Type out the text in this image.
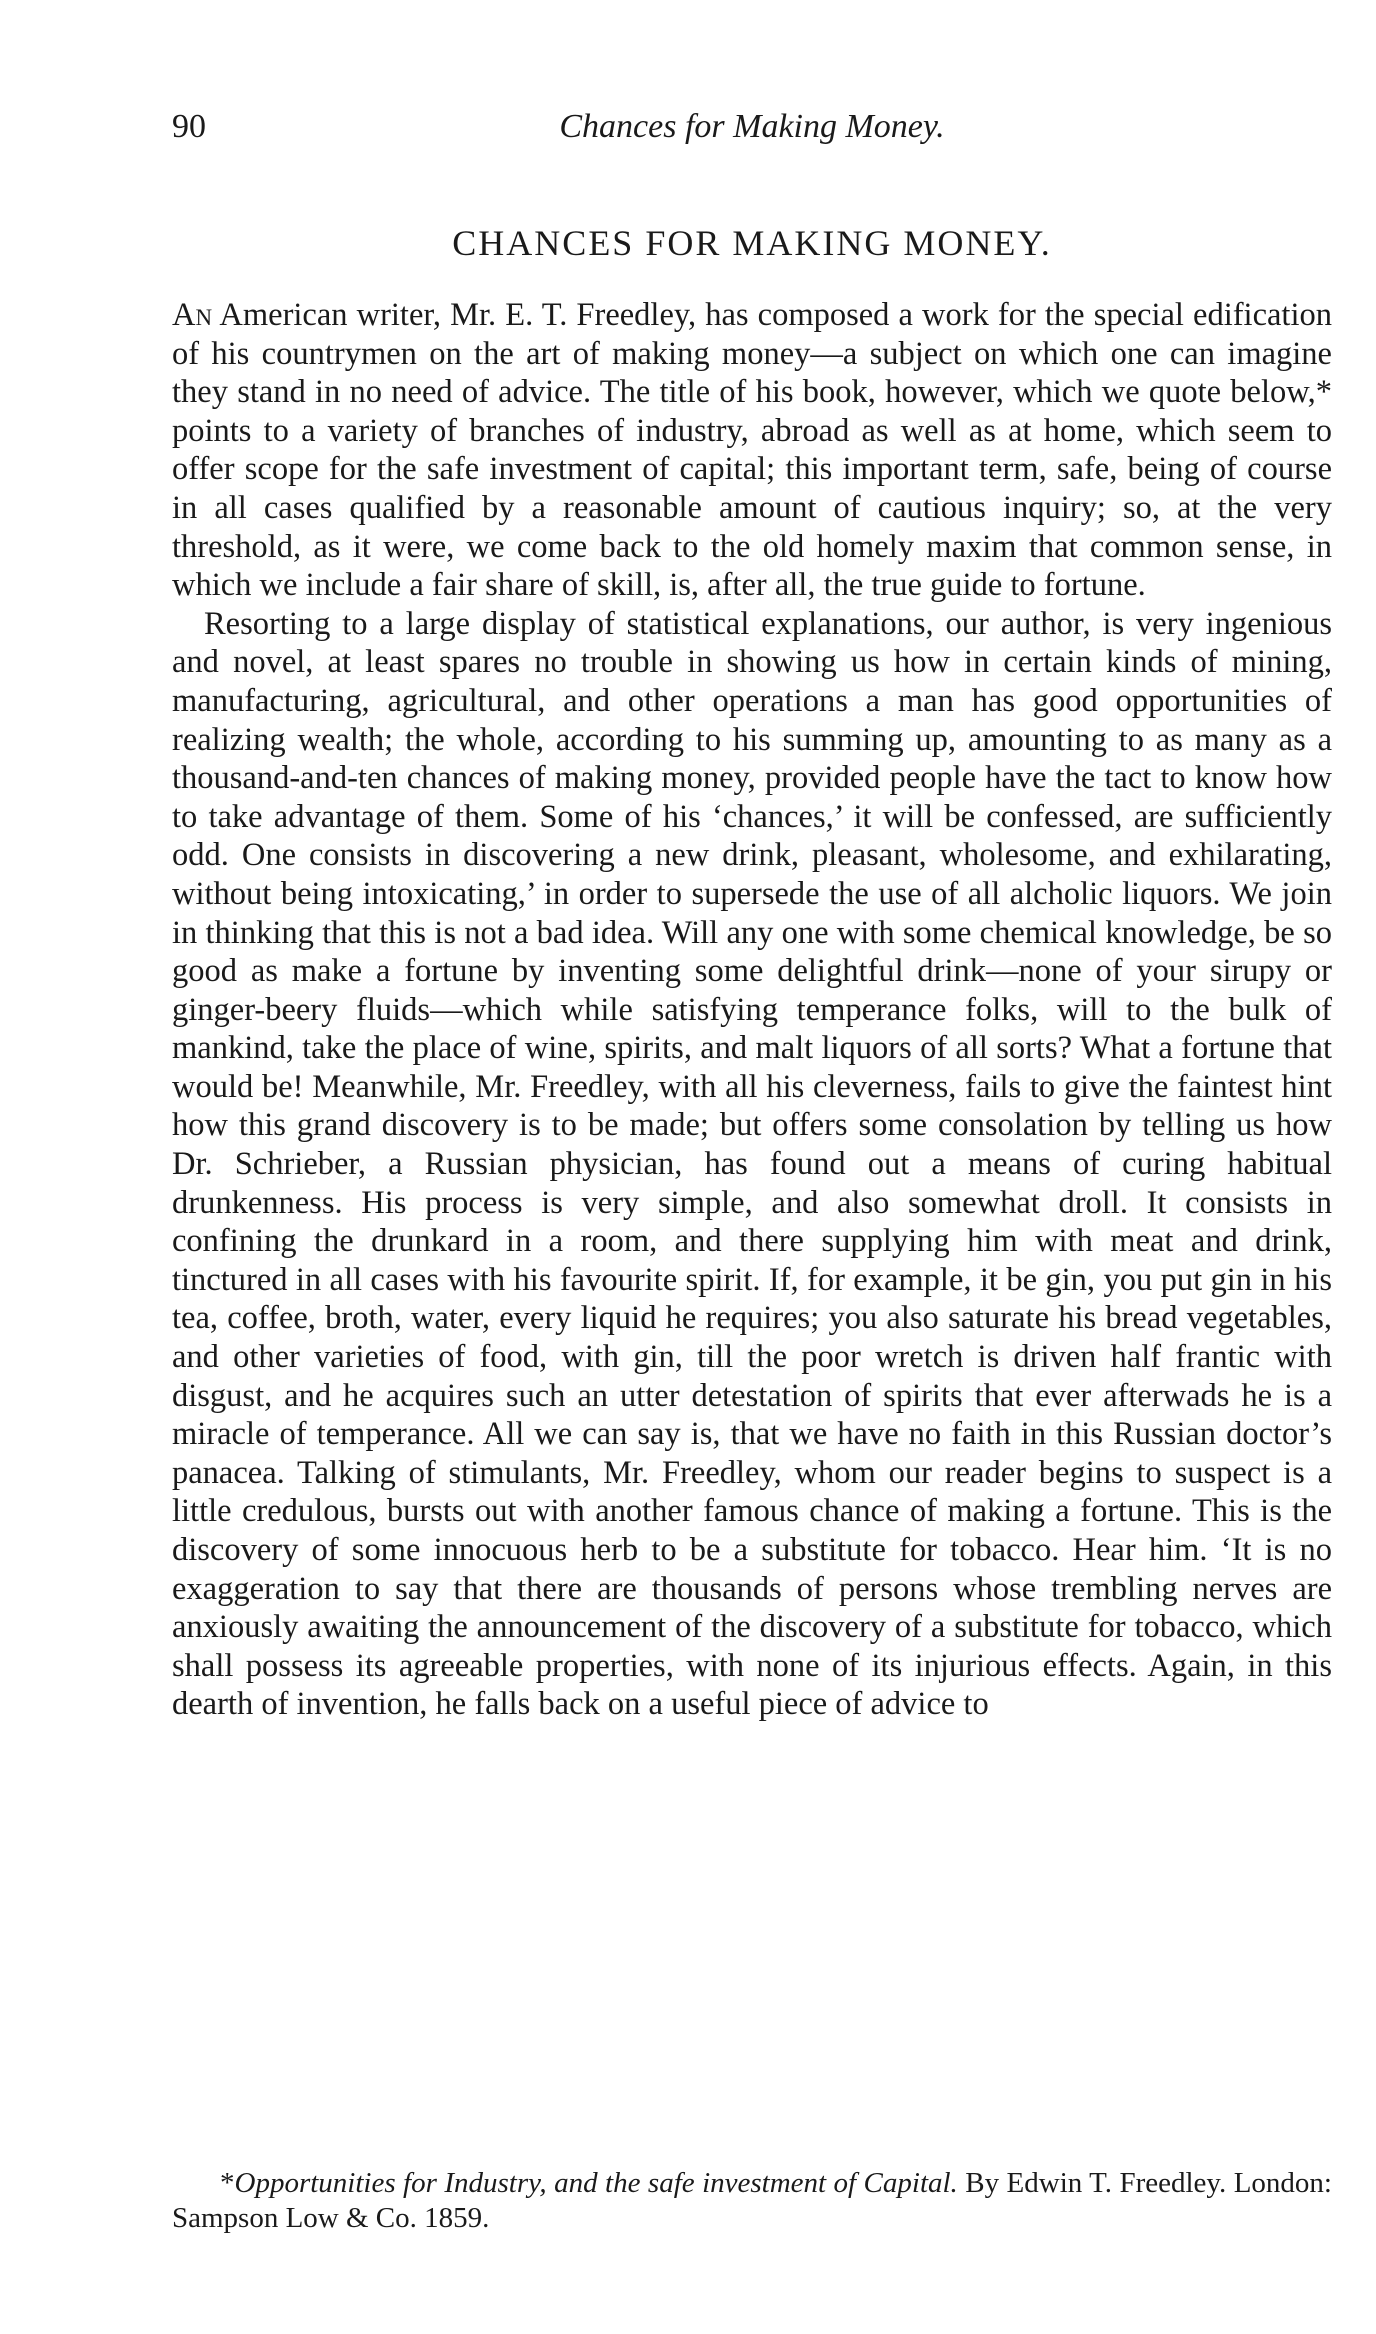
90	Chances for Making Money.
CHANCES FOR MAKING MONEY.

An American writer, Mr. E. T. Freedley, has composed a work for the special edification of his countrymen on the art of making money—a subject on which one can imagine they stand in no need of advice. The title of his book, however, which we quote below,* points to a variety of branches of industry, abroad as well as at home, which seem to offer scope for the safe investment of capital; this important term, safe, being of course in all cases qualified by a reasonable amount of cautious inquiry; so, at the very threshold, as it were, we come back to the old homely maxim that common sense, in which we include a fair share of skill, is, after all, the true guide to fortune.

Resorting to a large display of statistical explanations, our author, is very ingenious and novel, at least spares no trouble in showing us how in certain kinds of mining, manufacturing, agricultural, and other operations a man has good opportunities of realizing wealth; the whole, according to his summing up, amounting to as many as a thousand-and-ten chances of making money, provided people have the tact to know how to take advantage of them. Some of his ‘chances,’ it will be confessed, are sufficiently odd. One consists in discovering a new drink, pleasant, wholesome, and exhilarating, without being intoxicating,’ in order to supersede the use of all alcholic liquors. We join in thinking that this is not a bad idea. Will any one with some chemical knowledge, be so good as make a fortune by inventing some delightful drink—none of your sirupy or ginger-beery fluids—which while satisfying temperance folks, will to the bulk of mankind, take the place of wine, spirits, and malt liquors of all sorts? What a fortune that would be! Meanwhile, Mr. Freedley, with all his cleverness, fails to give the faintest hint how this grand discovery is to be made; but offers some consolation by telling us how Dr. Schrieber, a Russian physician, has found out a means of curing habitual drunkenness. His process is very simple, and also somewhat droll. It consists in confining the drunkard in a room, and there supplying him with meat and drink, tinctured in all cases with his favourite spirit. If, for example, it be gin, you put gin in his tea, coffee, broth, water, every liquid he requires; you also saturate his bread vegetables, and other varieties of food, with gin, till the poor wretch is driven half frantic with disgust, and he acquires such an utter detestation of spirits that ever afterwads he is a miracle of temperance. All we can say is, that we have no faith in this Russian doctor’s panacea. Talking of stimulants, Mr. Freedley, whom our reader begins to suspect is a little credulous, bursts out with another famous chance of making a fortune. This is the discovery of some innocuous herb to be a substitute for tobacco. Hear him. ‘It is no exaggeration to say that there are thousands of persons whose trembling nerves are anxiously awaiting the announcement of the discovery of a substitute for tobacco, which shall possess its agreeable properties, with none of its injurious effects. Again, in this dearth of invention, he falls back on a useful piece of advice to

*Opportunities for Industry, and the safe investment of Capital. By Edwin T. Freedley. London: Sampson Low & Co. 1859.
